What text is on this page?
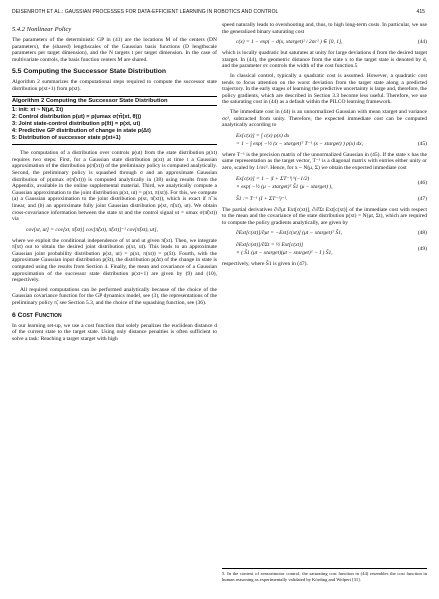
DEISENROTH ET AL.: GAUSSIAN PROCESSES FOR DATA-EFFICIENT LEARNING IN ROBOTICS AND CONTROL	415
5.4.2 Nonlinear Policy

The parameters of the deterministic GP in (41) are the locations M of the centers (DN parameters), the (shared) lengthscales of the Gaussian basis functions (D lengthscale parameters per target dimension), and the N targets t per target dimension. In the case of multivariate controls, the basis function centers M are shared.

5.5 Computing the Successor State Distribution

Algorithm 2 summarizes the computational steps required to compute the successor state distribution p(xt+1) from p(xt).

Algorithm 2 Computing the Successor State Distribution
1: init: xt ~ N(μt, Σt)
2: Control distribution p(ut) = p(umax σ(π̃(xt, θ)))
3: Joint state-control distribution p(x̃t) = p(xt, ut)
4: Predictive GP distribution of change in state p(Δt)
5: Distribution of successor state p(xt+1)

The computation of a distribution over controls p(ut) from the state distribution p(xt) requires two steps: First, for a Gaussian state distribution p(xt) at time t a Gaussian approximation of the distribution p(π̃(xt)) of the preliminary policy is computed analytically. Second, the preliminary policy is squashed through σ and an approximate Gaussian distribution of p(umax σ(π̃(xt))) is computed analytically in (38) using results from the Appendix, available in the online supplemental material. Third, we analytically compute a Gaussian approximation to the joint distribution p(xt, ut) = p(xt, π(xt)). For this, we compute (a) a Gaussian approximation to the joint distribution p(xt, π̃(xt)), which is exact if π̃ is linear, and (b) an approximate fully joint Gaussian distribution p(xt, π̃(xt), ut). We obtain cross-covariance information between the state xt and the control signal ut = umax σ(π̃(xt)) via

cov[xt, ut] = cov[xt, π̃(xt)] cov[π̃(xt), π̃(xt)]⁻¹ cov[π̃(xt), ut],

where we exploit the conditional independence of xt and ut given π̃(xt). Then, we integrate π̃(xt) out to obtain the desired joint distribution p(xt, ut). This leads to an approximate Gaussian joint probability distribution p(xt, ut) = p(xt, π(xt)) = p(x̃t). Fourth, with the approximate Gaussian input distribution p(x̃t), the distribution p(Δt) of the change in state is computed using the results from Section 4. Finally, the mean and covariance of a Gaussian approximation of the successor state distribution p(xt+1) are given by (9) and (10), respectively.

All required computations can be performed analytically because of the choice of the Gaussian covariance function for the GP dynamics model, see (3), the representations of the preliminary policy π̃, see Section 5.3, and the choice of the squashing function, see (36).

6 Cost Function

In our learning set-up, we use a cost function that solely penalizes the euclidean distance d of the current state to the target state. Using only distance penalties is often sufficient to solve a task: Reaching a target xtarget with high

speed naturally leads to overshooting and, thus, to high long-term costs. In particular, we use the generalized binary saturating cost

c(x) = 1 − exp( − d(x, xtarget)² / 2σc² ) ∈ [0, 1],	(44)

which is locally quadratic but saturates at unity for large deviations d from the desired target xtarget. In (44), the geometric distance from the state x to the target state is denoted by d, and the parameter σc controls the width of the cost function.5

In classical control, typically a quadratic cost is assumed. However, a quadratic cost tends to focus attention on the worst deviation from the target state along a predicted trajectory. In the early stages of learning the predictive uncertainty is large and, therefore, the policy gradients, which are described in Section 3.3 become less useful. Therefore, we use the saturating cost in (44) as a default within the PILCO learning framework.

The immediate cost in (44) is an unnormalized Gaussian with mean xtarget and variance σc², subtracted from unity. Therefore, the expected immediate cost can be computed analytically according to

Ex[c(x)] = ∫ c(x) p(x) dx
= 1 − ∫ exp( −½ (x − xtarget)ᵀ T⁻¹ (x − xtarget) ) p(x) dx,	(45)

where T⁻¹ is the precision matrix of the unnormalized Gaussian in (45). If the state x has the same representation as the target vector, T⁻¹ is a diagonal matrix with entries either unity or zero, scaled by 1/σc². Hence, for x ~ N(μ, Σ) we obtain the expected immediate cost

Ex[c(x)] = 1 − |I + ΣT⁻¹|^(−1/2)
× exp( −½ (μ − xtarget)ᵀ S̃1 (μ − xtarget) ),
(46)
S̃1 := T⁻¹ (I + ΣT⁻¹)⁻¹.	(47)

The partial derivatives ∂/∂μt Ext[c(xt)], ∂/∂Σt Ext[c(xt)] of the immediate cost with respect to the mean and the covariance of the state distribution p(xt) = N(μt, Σt), which are required to compute the policy gradients analytically, are given by

∂Ext[c(xt)]/∂μt = −Ext[c(xt)] (μt − xtarget)ᵀ S̃1,	(48)
∂Ext[c(xt)]/∂Σt = ½ Ext[c(xt)]
× ( S̃1 (μt − xtarget)(μt − xtarget)ᵀ − I ) S̃1,
(49)

respectively, where S̃1 is given in (47).

5. In the context of sensorimotor control, the saturating cost function in (44) resembles the cost function in human reasoning as experimentally validated by Körding and Wolpert [31].
